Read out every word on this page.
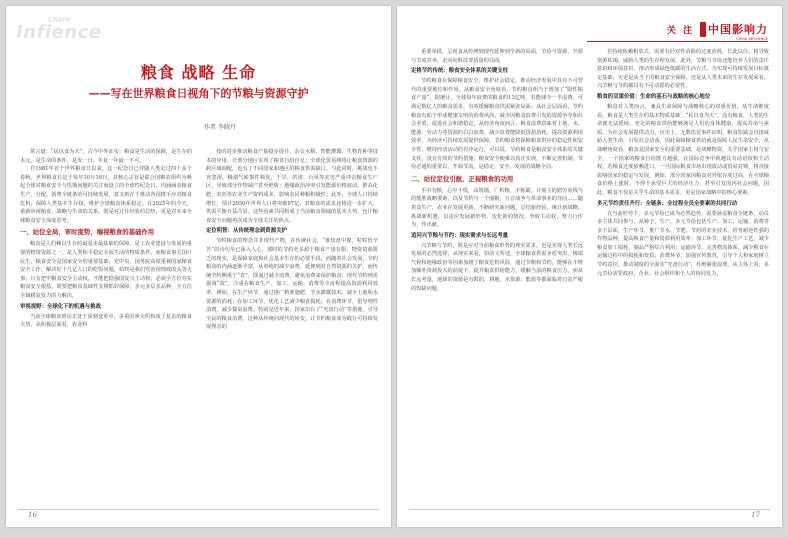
CNMM
Infience
粮食 战略 生命
——写在世界粮食日视角下的节粮与资源守护
作者 李晓丹

常言道：“民以食为天”，古今中外证实：粮食是生活的保障，是生存的本元，是生命的条件，是发一日，年复一年最一不可。

自1981年首个世界粮食日以来，这一纪念日已伴随人类走过四十多个春秋。世界粮食日定于每年10月16日，其核心宗旨是联合国粮农组织为唤起全球对粮食安全与饥饿问题的关注而设立的全球性纪念日，内涵涵盖粮食生产、分配、消费全链条的可持续发展，意义则在于推动各国携手应对粮食危机，保障人类基本生存权，维护全球粮食体系稳定。在2025年的今天，重新审视粮食、战略与生命的关系，既是对过往经验的总结，更是对未来全球粮食安全深度思考。

一、站位全局，审时度势，端视粮食的基础作用

粮食是人们赖以生存的最基本最基础的保障，是工农业建设与发展的重要的物资资源之一，是人类和平稳定幸福生活的物质条件，而粮食事关国计民生，粮食安全是国家安全的重要基础，党中央、国务院高度重视国家粮食安全工作，解决好十几亿人口的吃饭问题，始终是我们党治国理政的头等大事；只有把牢粮食安全主动权，才能把稳强国复兴主动权；必须全方位夯实粮食安全根基，既要把粮食基础性支撑抓好保障，多元多层多品种，全方位全域耕复发力的力解决。

审视视野：全球化下的机遇与挑战

当前全球粮食格局正处于深刻变革中，多重因素交织构成了复杂的粮食大势，从积极层面看，农业科

技的进步推动粮食产量稳步提升，杂交水稻、智能灌溉、生物育种等技术的应用，让部分地区实现了粮食自给自足；全球化贸易网络让粮食资源的跨区域调配，也有了不同国家和地区的粮食供需缺口。与此同时，挑战也不容忽视。极端气候事件频发，干旱、洪涝、台风等灾害严重冲击粮食生产区，导致部分作物减产甚至绝收；地缘政治冲突引发能源价格波动，推高化肥、农药等农业生产资料成本，影响农民种粮积极性；此外，全球人口持续增长，预计2050年世界人口将突破97亿，对粮食的需求还将进一步扩大，供需平衡日益凸显。这些因素共同构成了当前粮食领域的基本大势，也让粮食安全问题再次成为全球关注的焦点。

定位明智：从传统理念到资源关护

节约粮食的理念并非现代产物，在传统社会，“谁知盘中餐，粒粒皆辛苦”的诗句早已深入人心，那时的节约更多源于粮食产量有限、物资资源匮乏的现实，是保障家庭和社会基本生存的必要手段。而随着社会发展，节约粮食的内涵逐渐丰富，从单纯的减少浪费，延伸到对自然资源的关护，而传统节约侧重于“省”，即通过减少消费、避免浪费来保护粮食；现代节约则更强调“效”，注重在粮食生产、加工、运输、消费等全流程提高资源利用效率。例如，在生产环节，通过推广精准施肥、节水灌溉技术，减少土地和水资源的消耗；在加工环节，优化工艺减少粮食损耗；在消费环节，倡导理性消费，减少餐桌浪费。特别是近年来，国家出台了“光盘行动”等措施，引导全民的粮食消费。这种从传统向现代的转变，让节约粮食成为践行可持续发展理念的

16
关 注 中国影响力
CHINA INFLUENCE

重要举措，呈现食从传统到现代延伸到全新的局面，节俭与资源、开源与节流并举，走向向科技要质量的局面。

定格节约传统：粮食安全体系的关键支柱

节约粮食在保障粮食安全、维护社会稳定、推动经济发展中具有不可替代的重要地位和作用。从粮食安全角度看，节约粮食相当于增加了“隐性粮食产量”，据统计，全球每年浪费的粮食约13亿吨，若能减少一半浪费，可满足数亿人的粮食需求，有效缓解粮食供需紧张局面；从社会层面看，节约粮食有助于形成健康文明的消费风尚，减少因粮食浪费引发的资源争夺和社会矛盾，促进社会和谐稳定，从经济角度而言，粮食浪费意味着土地、水、能源、劳动力等资源的白白浪费，减少浪费能降低资源消耗，提高资源利用效率，为经济可持续发展提供保障。节约粮食将保障粮食供应的稳定性和安全性，维持经济活动的有序运行，可以说，节约粮食是粮食安全体系的关键支柱，没有有效的节约措施，粮食安全便难以真正实现，不断完善机制，节俭必通的重要以，开源节流，是稳定、安全、发展的战略全局。

二、站位定位引航，正视粮食的功用

手中有粮，心中不慌，高筑墙，广积粮，不称霸，计划主的慰劳底线与的能胜战略要素，以及节约与一个圈粮，万音战争与革命事业的导向……随着食生产，农业在发展更新，不断研究新问题，总结新经验，统计新战略，挑战新机遇，以适应发展新形势，变化新的情况，争取主动权，努力行作为，作出献。

追问兴节粮与节约：现实需求与长远考量

兴节粮与节约，既是应对当前粮食形势的现实需求，也是实现人类长远发展的必然选择，从现实来看，如前文所述，全球粮食供需矛盾突出，极端气候和地缘政治等因素加剧了粮食危机风险，通过节粮和节约，能够在不增加额外资源投入的前提下，提升粮食供给能力，缓解当前的粮食压力，而从长远考量，地球的资源是有限的，耕地、水资源、能源等都面临着日益严峻的短缺问题，

若持续依赖粗放式、需要有针对性消除的过度消耗，长此以往，将导致资源枯竭，威胁人类的生存和发展，此外，节粮与节俭还能培养人们的责任意识和环保意识，推动形成绿色低碳的生活方式，为实现可持续发展目标奠定基础，无论是从当下的粮食安全保障，还是从人类未来的生存发展来看，兴节粮与节约都具有不可动摇的必要性。

粮食的双重价值：生命的基石与战略的核心地位

粮食对人类而言，兼具生命保障与战略核心的双重价值，从生命维度看，粮食是人类生存的基本物质基础，“民以食为天”，没有粮食，人类的生命便无法延续，充足的粮食供给能够满足人们的身体健康，提高寿命与素质，为社会发展提供动力，历史上，无数饥荒事件证明，粮食短缺会直接威胁人类生命，引发社会动荡，因此保障粮食供给就是保障人民生命安全，从战略角度看，粮食是国家安全的重要基础，是战略物资，关乎国家主权与安全，一个国家的粮食自给能力越强，在国际竞争中就越具有话语权和主动权，若粮食过度依赖进口，一旦国际粮食市场出现波动或贸易封锁，将直接影响国家的稳定与发展，例如，部分国家因粮食对外依存度过高，在全球粮食价格上涨时，不得不承受巨大的经济压力，甚至引发国内社会问题，因此，粮食不仅是关乎生命的基本需求，更是国家战略中的核心要素。

多元节约责任齐行：全链条、全过程全员全要素的共同行动

在当前形势下，多元节俭已成为必然趋势，需要涵盖粮食全链条，动员多主体共同参与，从种子，生产，多元节俭包括生产、加工、运输、消费等多个层面，生产环节，推广节水、节肥、节药的农业技术，培育耐逆性强的作物品种，提高粮食产量和资源利用效率；加工环节，优化生产工艺，减少粮食加工损耗，制品严格综合利用；运输环节，完善物流体系，减少粮食在运输过程中的损耗和变质；消费环节，加强宣传教育，引导个人和家庭树立节约意识，推动制度的全面实“光盘行动”，杜绝铺张浪费。从主体上看，多元节俭需要政府、企业、社会组织和个人的协同发力。

17
